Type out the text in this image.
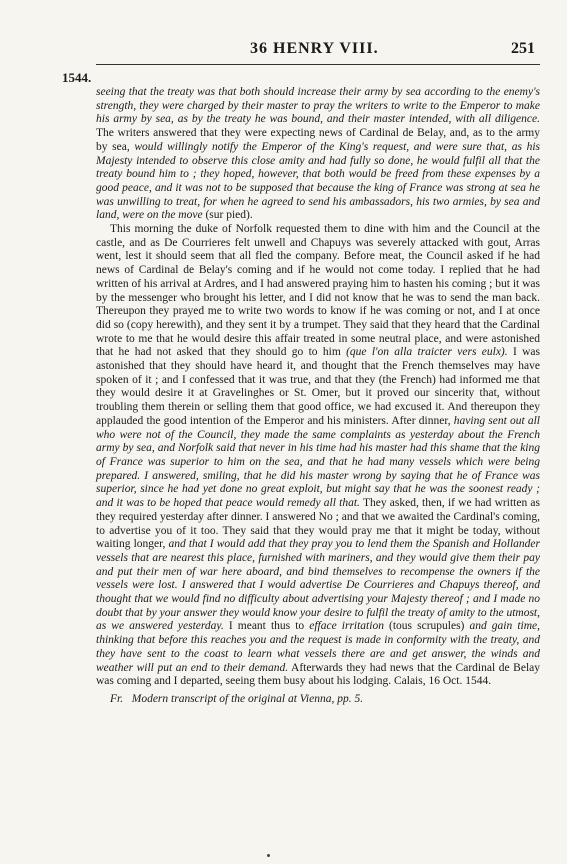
36 HENRY VIII.	251
1544.

seeing that the treaty was that both should increase their army by sea according to the enemy's strength, they were charged by their master to pray the writers to write to the Emperor to make his army by sea, as by the treaty he was bound, and their master intended, with all diligence. The writers answered that they were expecting news of Cardinal de Belay, and, as to the army by sea, would willingly notify the Emperor of the King's request, and were sure that, as his Majesty intended to observe this close amity and had fully so done, he would fulfil all that the treaty bound him to ; they hoped, however, that both would be freed from these expenses by a good peace, and it was not to be supposed that because the king of France was strong at sea he was unwilling to treat, for when he agreed to send his ambassadors, his two armies, by sea and land, were on the move (sur pied).

This morning the duke of Norfolk requested them to dine with him and the Council at the castle, and as De Courrieres felt unwell and Chapuys was severely attacked with gout, Arras went, lest it should seem that all fled the company. Before meat, the Council asked if he had news of Cardinal de Belay's coming and if he would not come today. I replied that he had written of his arrival at Ardres, and I had answered praying him to hasten his coming ; but it was by the messenger who brought his letter, and I did not know that he was to send the man back. Thereupon they prayed me to write two words to know if he was coming or not, and I at once did so (copy herewith), and they sent it by a trumpet. They said that they heard that the Cardinal wrote to me that he would desire this affair treated in some neutral place, and were astonished that he had not asked that they should go to him (que l'on alla traicter vers eulx). I was astonished that they should have heard it, and thought that the French themselves may have spoken of it ; and I confessed that it was true, and that they (the French) had informed me that they would desire it at Gravelinghes or St. Omer, but it proved our sincerity that, without troubling them therein or selling them that good office, we had excused it. And thereupon they applauded the good intention of the Emperor and his ministers. After dinner, having sent out all who were not of the Council, they made the same complaints as yesterday about the French army by sea, and Norfolk said that never in his time had his master had this shame that the king of France was superior to him on the sea, and that he had many vessels which were being prepared. I answered, smiling, that he did his master wrong by saying that he of France was superior, since he had yet done no great exploit, but might say that he was the soonest ready ; and it was to be hoped that peace would remedy all that. They asked, then, if we had written as they required yesterday after dinner. I answered No ; and that we awaited the Cardinal's coming, to advertise you of it too. They said that they would pray me that it might be today, without waiting longer, and that I would add that they pray you to lend them the Spanish and Hollander vessels that are nearest this place, furnished with mariners, and they would give them their pay and put their men of war here aboard, and bind themselves to recompense the owners if the vessels were lost. I answered that I would advertise De Courrieres and Chapuys thereof, and thought that we would find no difficulty about advertising your Majesty thereof ; and I made no doubt that by your answer they would know your desire to fulfil the treaty of amity to the utmost, as we answered yesterday. I meant thus to efface irritation (tous scrupules) and gain time, thinking that before this reaches you and the request is made in conformity with the treaty, and they have sent to the coast to learn what vessels there are and get answer, the winds and weather will put an end to their demand. Afterwards they had news that the Cardinal de Belay was coming and I departed, seeing them busy about his lodging. Calais, 16 Oct. 1544.

Fr. Modern transcript of the original at Vienna, pp. 5.
